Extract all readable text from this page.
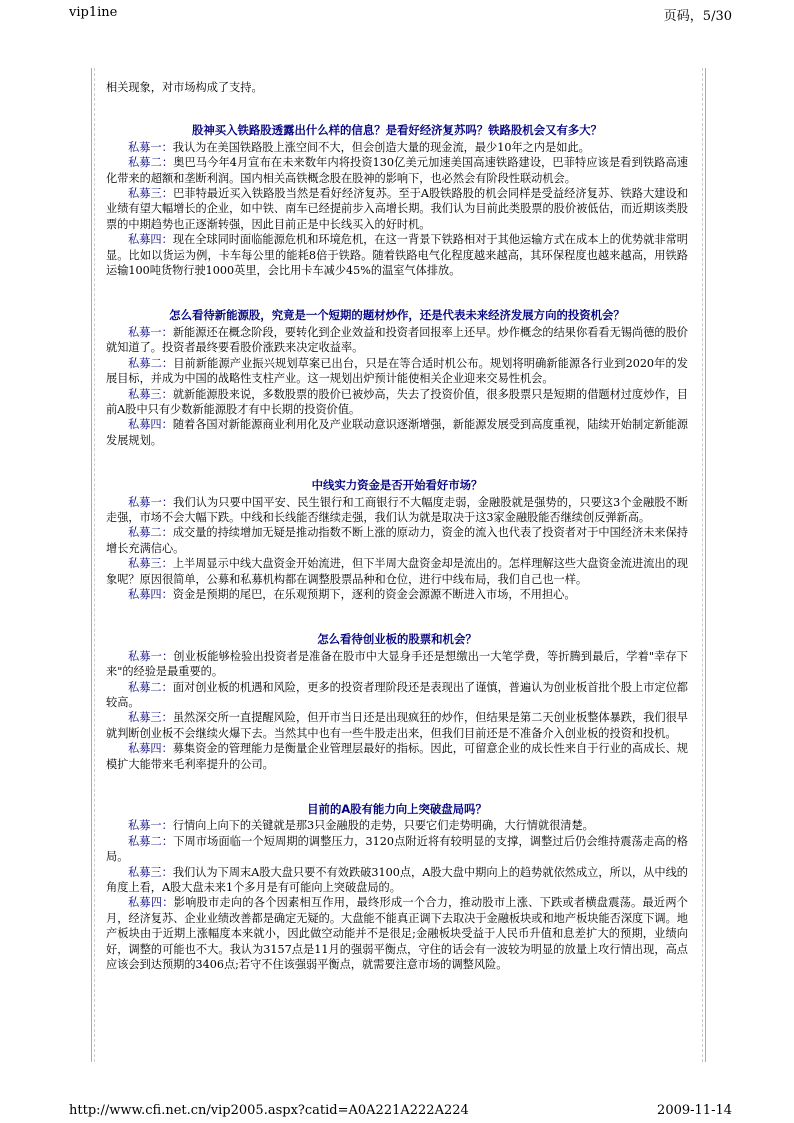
vip1ine	页码，5/30

相关现象，对市场构成了支持。

股神买入铁路股透露出什么样的信息？是看好经济复苏吗？铁路股机会又有多大？

私募一：我认为在美国铁路股上涨空间不大，但会创造大量的现金流，最少10年之内是如此。

私募二：奥巴马今年4月宣布在未来数年内将投资130亿美元加速美国高速铁路建设，巴菲特应该是看到铁路高速化带来的超额和垄断利润。国内相关高铁概念股在股神的影响下，也必然会有阶段性联动机会。

私募三：巴菲特最近买入铁路股当然是看好经济复苏。至于A股铁路股的机会同样是受益经济复苏、铁路大建设和业绩有望大幅增长的企业，如中铁、南车已经提前步入高增长期。我们认为目前此类股票的股价被低估，而近期该类股票的中期趋势也正逐渐转强，因此目前正是中长线买入的好时机。

私募四：现在全球同时面临能源危机和环境危机，在这一背景下铁路相对于其他运输方式在成本上的优势就非常明显。比如以货运为例，卡车每公里的能耗8倍于铁路。随着铁路电气化程度越来越高，其环保程度也越来越高，用铁路运输100吨货物行驶1000英里，会比用卡车减少45%的温室气体排放。

怎么看待新能源股，究竟是一个短期的题材炒作，还是代表未来经济发展方向的投资机会？

私募一：新能源还在概念阶段，要转化到企业效益和投资者回报率上还早。炒作概念的结果你看看无锡尚德的股价就知道了。投资者最终要看股价涨跌来决定收益率。

私募二：目前新能源产业振兴规划草案已出台，只是在等合适时机公布。规划将明确新能源各行业到2020年的发展目标，并成为中国的战略性支柱产业。这一规划出炉预计能使相关企业迎来交易性机会。

私募三：就新能源股来说，多数股票的股价已被炒高，失去了投资价值，很多股票只是短期的借题材过度炒作，目前A股中只有少数新能源股才有中长期的投资价值。

私募四：随着各国对新能源商业利用化及产业联动意识逐渐增强，新能源发展受到高度重视，陆续开始制定新能源发展规划。

中线实力资金是否开始看好市场？

私募一：我们认为只要中国平安、民生银行和工商银行不大幅度走弱，金融股就是强势的，只要这3个金融股不断走强，市场不会大幅下跌。中线和长线能否继续走强，我们认为就是取决于这3家金融股能否继续创反弹新高。

私募二：成交量的持续增加无疑是推动指数不断上涨的原动力，资金的流入也代表了投资者对于中国经济未来保持增长充满信心。

私募三：上半周显示中线大盘资金开始流进，但下半周大盘资金却是流出的。怎样理解这些大盘资金流进流出的现象呢？原因很简单，公募和私募机构都在调整股票品种和仓位，进行中线布局，我们自己也一样。

私募四：资金是预期的尾巴，在乐观预期下，逐利的资金会源源不断进入市场，不用担心。

怎么看待创业板的股票和机会？

私募一：创业板能够检验出投资者是准备在股市中大显身手还是想缴出一大笔学费，等折腾到最后，学着"幸存下来"的经验是最重要的。

私募二：面对创业板的机遇和风险，更多的投资者理阶段还是表现出了谨慎，普遍认为创业板首批个股上市定位都较高。

私募三：虽然深交所一直提醒风险，但开市当日还是出现疯狂的炒作，但结果是第二天创业板整体暴跌，我们很早就判断创业板不会继续火爆下去。当然其中也有一些牛股走出来，但我们目前还是不准备介入创业板的投资和投机。

私募四：募集资金的管理能力是衡量企业管理层最好的指标。因此，可留意企业的成长性来自于行业的高成长、规模扩大能带来毛利率提升的公司。

目前的A股有能力向上突破盘局吗？

私募一：行情向上向下的关键就是那3只金融股的走势，只要它们走势明确，大行情就很清楚。

私募二：下周市场面临一个短周期的调整压力，3120点附近将有较明显的支撑，调整过后仍会维持震荡走高的格局。

私募三：我们认为下周末A股大盘只要不有效跌破3100点，A股大盘中期向上的趋势就依然成立，所以，从中线的角度上看，A股大盘未来1个多月是有可能向上突破盘局的。

私募四：影响股市走向的各个因素相互作用，最终形成一个合力，推动股市上涨、下跌或者横盘震荡。最近两个月，经济复苏、企业业绩改善都是确定无疑的。大盘能不能真正调下去取决于金融板块或和地产板块能否深度下调。地产板块由于近期上涨幅度本来就小，因此做空动能并不是很足;金融板块受益于人民币升值和息差扩大的预期，业绩向好，调整的可能也不大。我认为3157点是11月的强弱平衡点，守住的话会有一波较为明显的放量上攻行情出现，高点应该会到达预期的3406点;若守不住该强弱平衡点，就需要注意市场的调整风险。

http://www.cfi.net.cn/vip2005.aspx?catid=A0A221A222A224	2009-11-14
